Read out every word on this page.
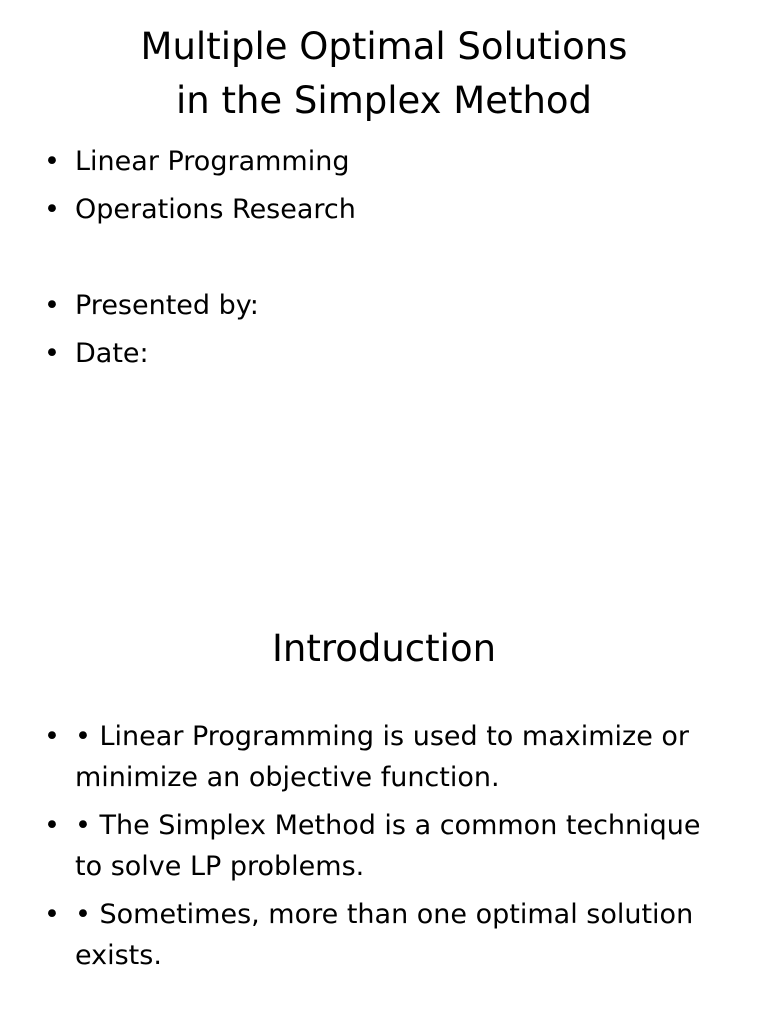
Multiple Optimal Solutions
in the Simplex Method
• Linear Programming
• Operations Research
• Presented by:
• Date:
Introduction
• • Linear Programming is used to maximize or minimize an objective function.
• • The Simplex Method is a common technique to solve LP problems.
• • Sometimes, more than one optimal solution exists.
